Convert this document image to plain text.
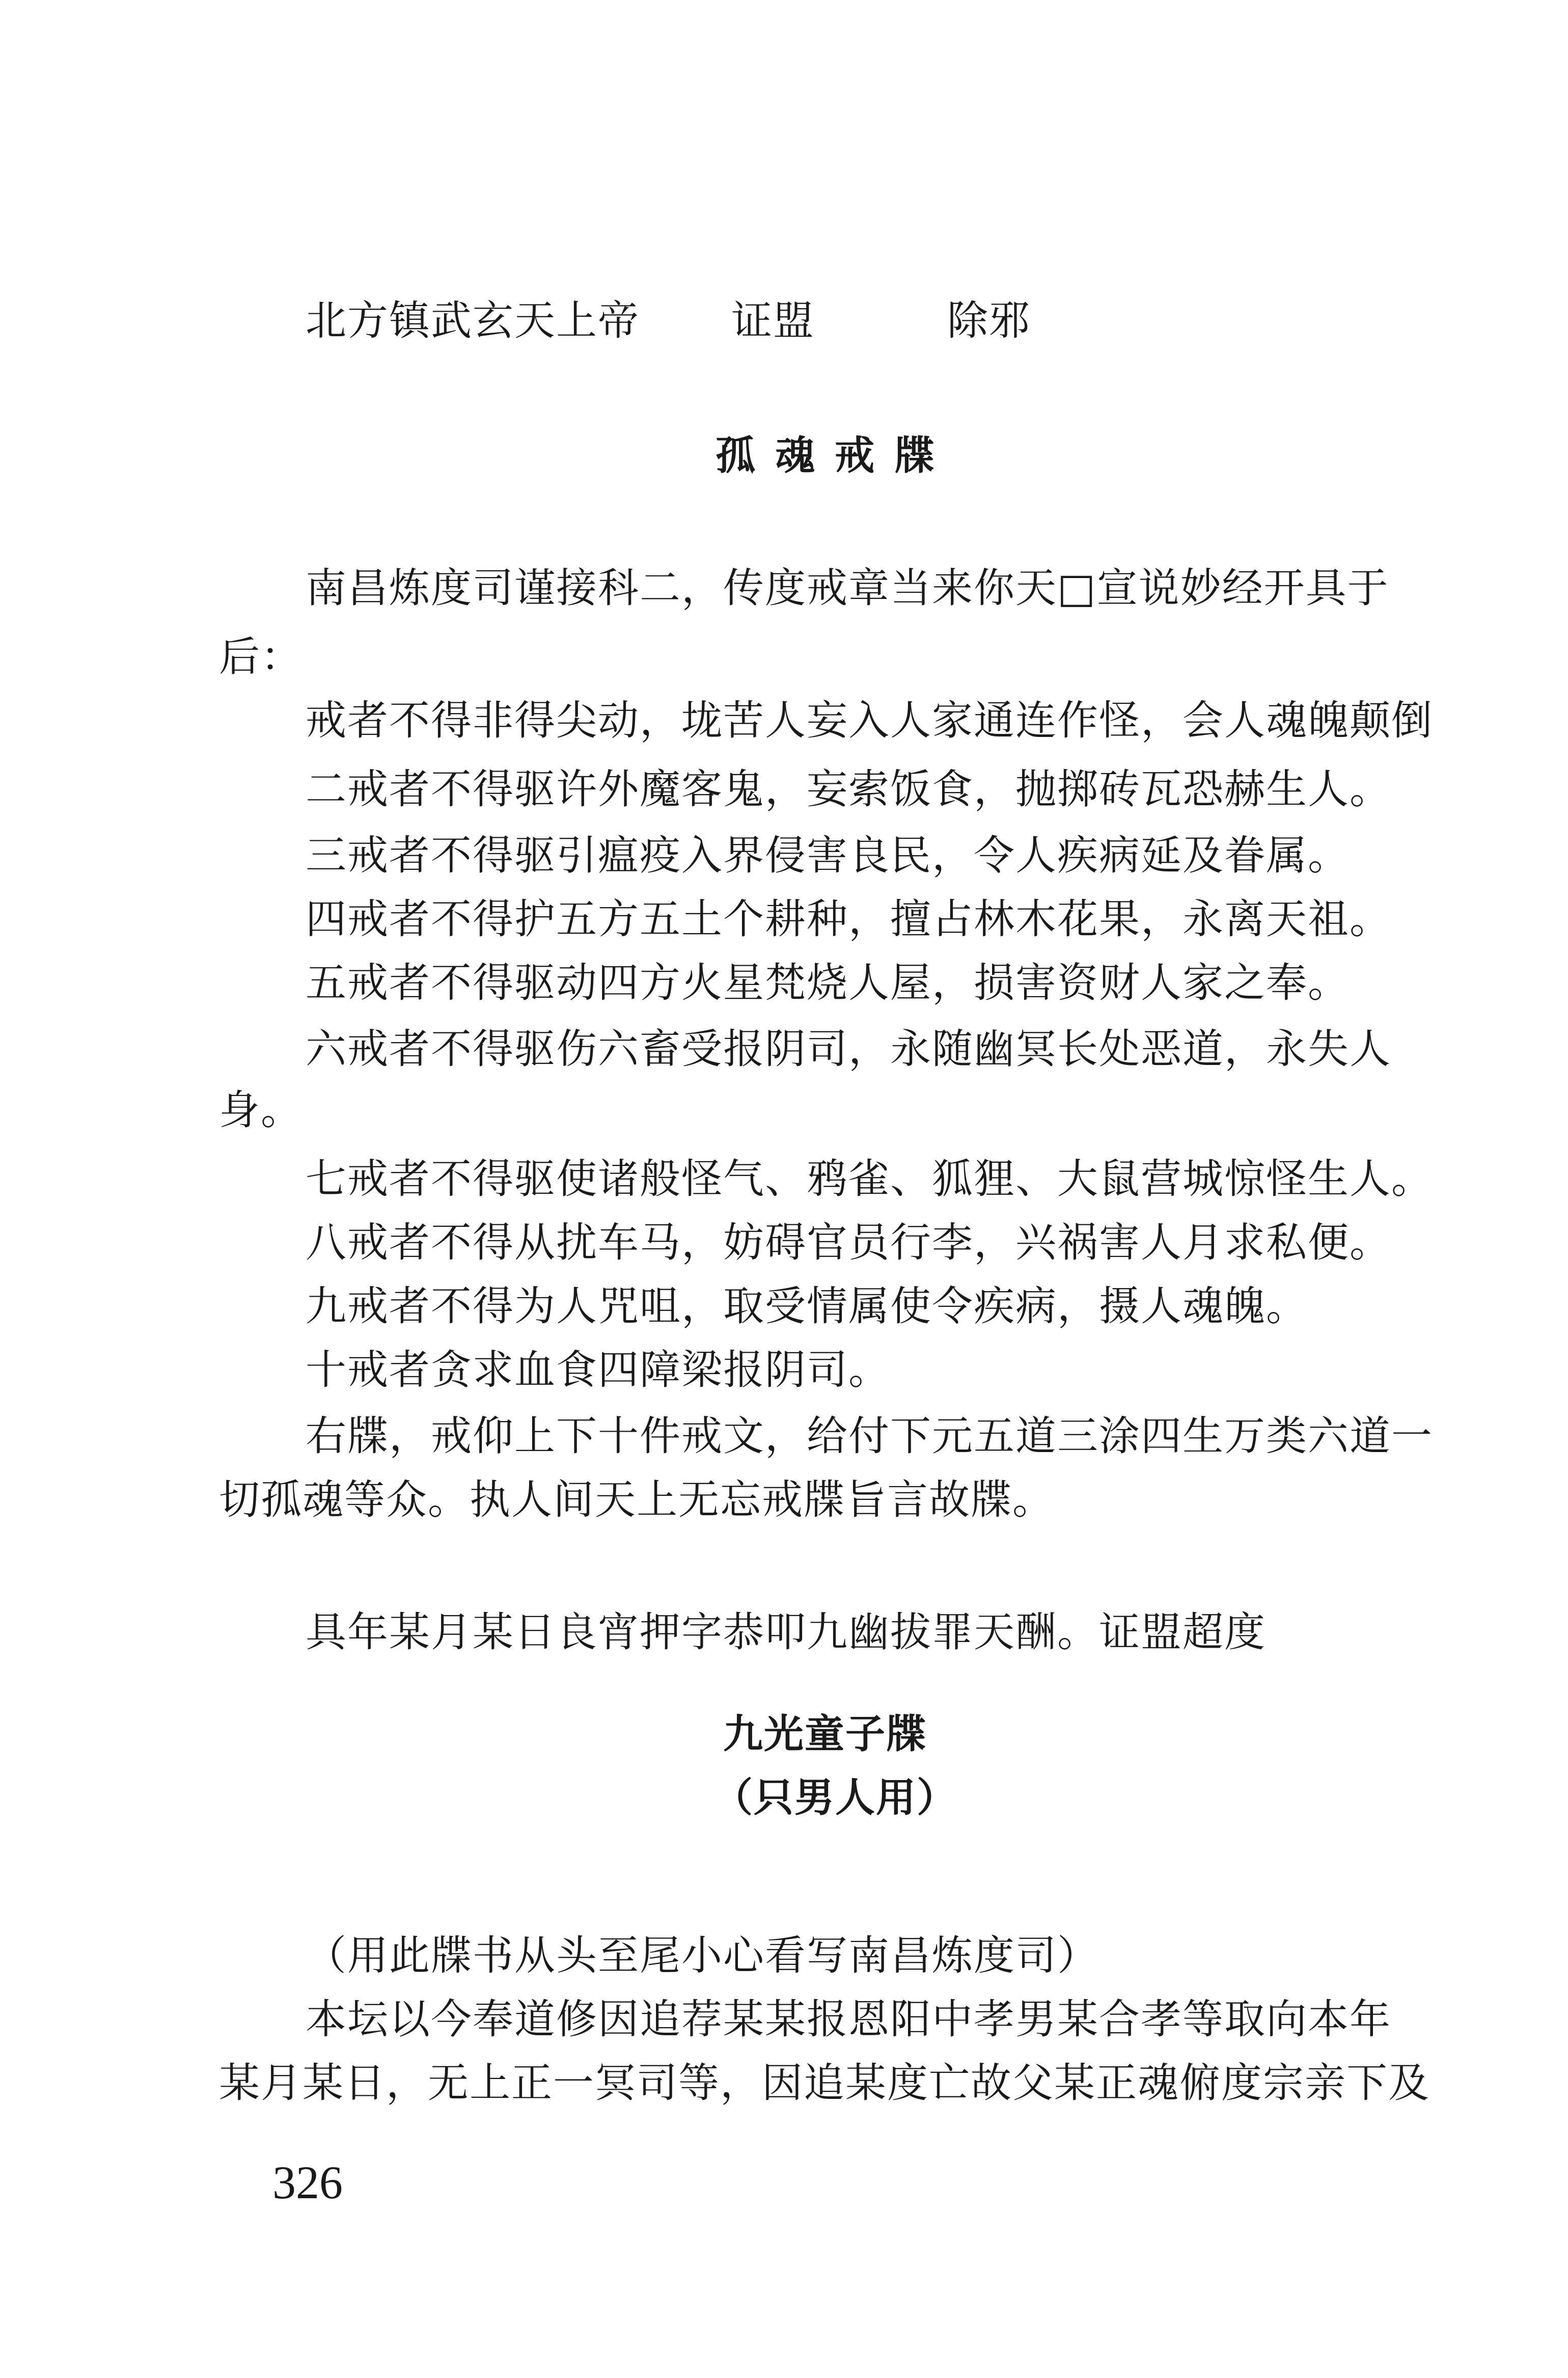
北方镇武玄天上帝 证盟	除邪
孤 魂 戒 牒
南昌炼度司谨接科二，传度戒章当来你天□宣说妙经开具于
后：
戒者不得非得尖动，垅苦人妄入人家通连作怪，会人魂魄颠倒
二戒者不得驱许外魔客鬼，妄索饭食，抛掷砖瓦恐赫生人。
三戒者不得驱引瘟疫入界侵害良民，令人疾病延及眷属。
四戒者不得护五方五土个耕种，擅占林木花果，永离天祖。
五戒者不得驱动四方火星梵烧人屋，损害资财人家之奉。
六戒者不得驱伤六畜受报阴司，永随幽冥长处恶道，永失人
身。
七戒者不得驱使诸般怪气、鸦雀、狐狸、大鼠营城惊怪生人。
八戒者不得从扰车马，妨碍官员行李，兴祸害人月求私便。
九戒者不得为人咒咀，取受情属使令疾病，摄人魂魄。
十戒者贪求血食四障梁报阴司。
右牒，戒仰上下十件戒文，给付下元五道三涂四生万类六道一
切孤魂等众。执人间天上无忘戒牒旨言故牒。
具年某月某日良宵押字恭叩九幽拔罪天酬。证盟超度
九光童子牒
（只男人用）
（用此牒书从头至尾小心看写南昌炼度司）
本坛以今奉道修因追荐某某报恩阳中孝男某合孝等取向本年
某月某日，无上正一冥司等，因追某度亡故父某正魂俯度宗亲下及
326
